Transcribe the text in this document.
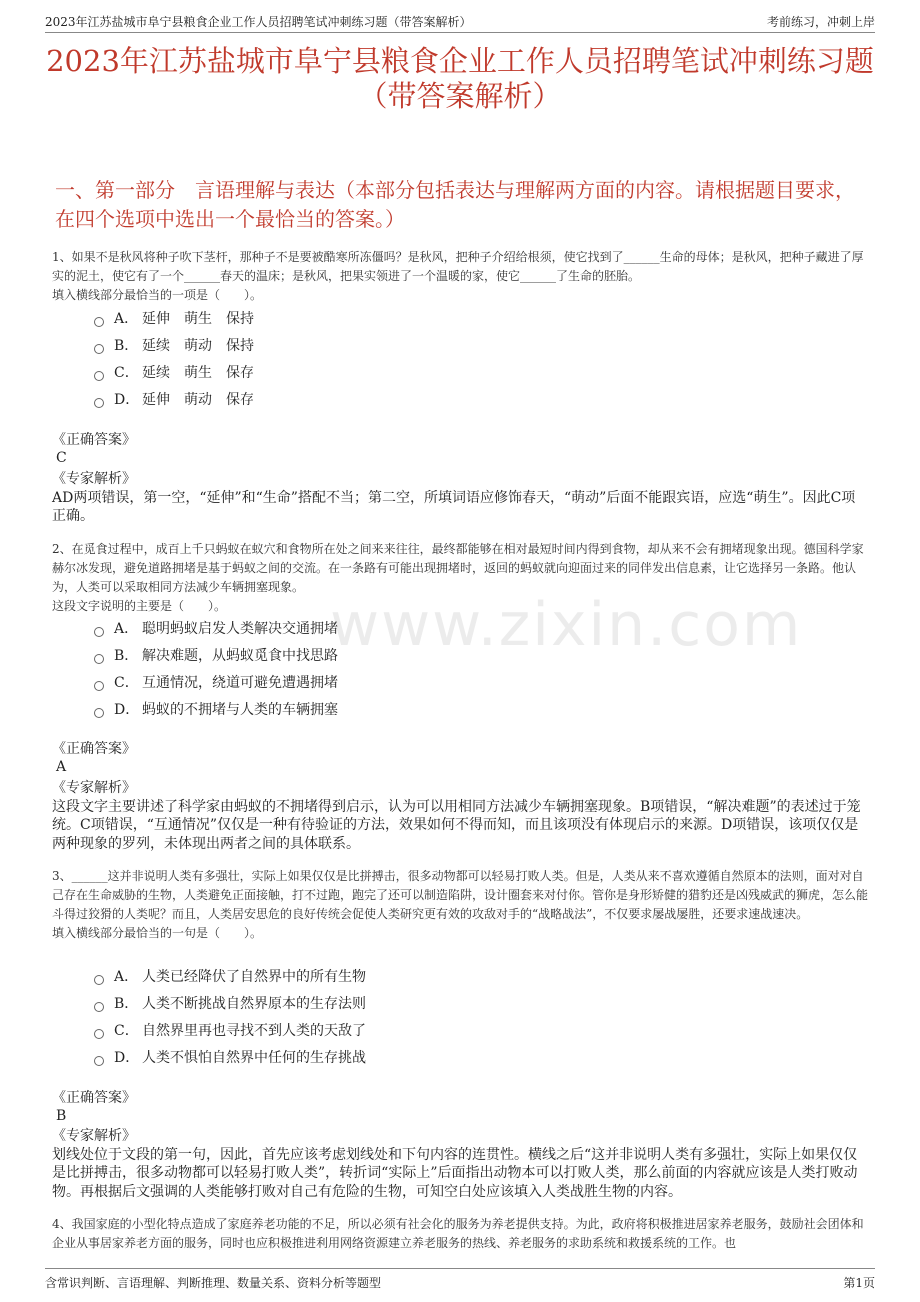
2023年江苏盐城市阜宁县粮食企业工作人员招聘笔试冲刺练习题（带答案解析）	考前练习，冲刺上岸
www.zixin.com
2023年江苏盐城市阜宁县粮食企业工作人员招聘笔试冲刺练习题（带答案解析）
一、第一部分　言语理解与表达（本部分包括表达与理解两方面的内容。请根据题目要求，在四个选项中选出一个最恰当的答案。）
1、如果不是秋风将种子吹下茎杆，那种子不是要被酷寒所冻僵吗？是秋风，把种子介绍给根须，使它找到了______生命的母体；是秋风，把种子藏进了厚实的泥土，使它有了一个______春天的温床；是秋风，把果实领进了一个温暖的家，使它______了生命的胚胎。
填入横线部分最恰当的一项是（　　）。
A． 延伸　萌生　保持
B． 延续　萌动　保持
C． 延续　萌生　保存
D． 延伸　萌动　保存
《正确答案》
C
《专家解析》
AD两项错误，第一空，“延伸”和“生命”搭配不当；第二空，所填词语应修饰春天，“萌动”后面不能跟宾语，应选“萌生”。因此C项正确。
2、在觅食过程中，成百上千只蚂蚁在蚁穴和食物所在处之间来来往往，最终都能够在相对最短时间内得到食物，却从来不会有拥堵现象出现。德国科学家赫尔冰发现，避免道路拥堵是基于蚂蚁之间的交流。在一条路有可能出现拥堵时，返回的蚂蚁就向迎面过来的同伴发出信息素，让它选择另一条路。他认为，人类可以采取相同方法减少车辆拥塞现象。
这段文字说明的主要是（　　）。
A． 聪明蚂蚁启发人类解决交通拥堵
B． 解决难题，从蚂蚁觅食中找思路
C． 互通情况，绕道可避免遭遇拥堵
D． 蚂蚁的不拥堵与人类的车辆拥塞
《正确答案》
A
《专家解析》
这段文字主要讲述了科学家由蚂蚁的不拥堵得到启示，认为可以用相同方法减少车辆拥塞现象。B项错误，“解决难题”的表述过于笼统。C项错误，“互通情况”仅仅是一种有待验证的方法，效果如何不得而知，而且该项没有体现启示的来源。D项错误，该项仅仅是两种现象的罗列，未体现出两者之间的具体联系。
3、______这并非说明人类有多强壮，实际上如果仅仅是比拼搏击，很多动物都可以轻易打败人类。但是，人类从来不喜欢遵循自然原本的法则，面对对自己存在生命威胁的生物，人类避免正面接触，打不过跑，跑完了还可以制造陷阱，设计圈套来对付你。管你是身形矫健的猎豹还是凶残威武的狮虎，怎么能斗得过狡猾的人类呢？而且，人类居安思危的良好传统会促使人类研究更有效的攻敌对手的“战略战法”，不仅要求屡战屡胜，还要求速战速决。
填入横线部分最恰当的一句是（　　）。
A． 人类已经降伏了自然界中的所有生物
B． 人类不断挑战自然界原本的生存法则
C． 自然界里再也寻找不到人类的天敌了
D． 人类不惧怕自然界中任何的生存挑战
《正确答案》
B
《专家解析》
划线处位于文段的第一句，因此，首先应该考虑划线处和下句内容的连贯性。横线之后“这并非说明人类有多强壮，实际上如果仅仅是比拼搏击，很多动物都可以轻易打败人类”，转折词“实际上”后面指出动物本可以打败人类，那么前面的内容就应该是人类打败动物。再根据后文强调的人类能够打败对自己有危险的生物，可知空白处应该填入人类战胜生物的内容。
4、我国家庭的小型化特点造成了家庭养老功能的不足，所以必须有社会化的服务为养老提供支持。为此，政府将积极推进居家养老服务，鼓励社会团体和企业从事居家养老方面的服务，同时也应积极推进利用网络资源建立养老服务的热线、养老服务的求助系统和救援系统的工作。也
含常识判断、言语理解、判断推理、数量关系、资料分析等题型	第1页
